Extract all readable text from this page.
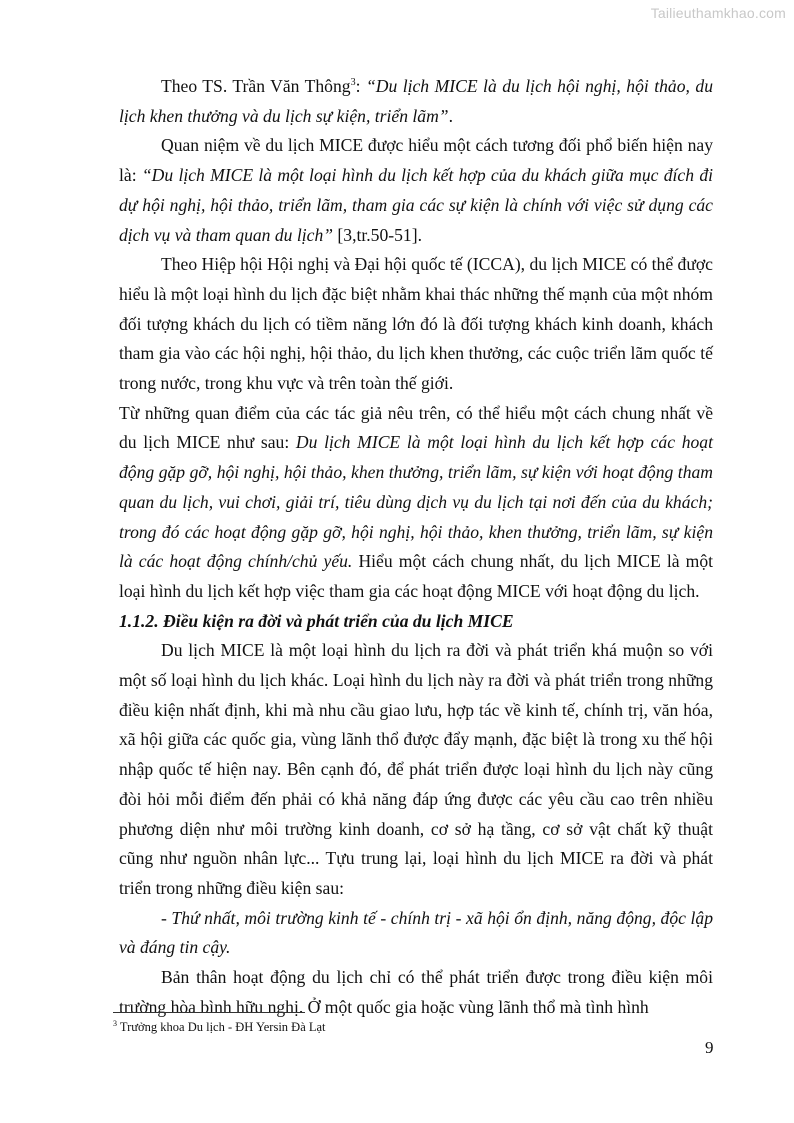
Tailieuthamkhao.com

Theo TS. Trần Văn Thông$^3$: “Du lịch MICE là du lịch hội nghị, hội thảo, du lịch khen thưởng và du lịch sự kiện, triển lãm”.

Quan niệm về du lịch MICE được hiểu một cách tương đối phổ biến hiện nay là: “Du lịch MICE là một loại hình du lịch kết hợp của du khách giữa mục đích đi dự hội nghị, hội thảo, triển lãm, tham gia các sự kiện là chính với việc sử dụng các dịch vụ và tham quan du lịch” [3,tr.50-51].

Theo Hiệp hội Hội nghị và Đại hội quốc tế (ICCA), du lịch MICE có thể được hiểu là một loại hình du lịch đặc biệt nhằm khai thác những thế mạnh của một nhóm đối tượng khách du lịch có tiềm năng lớn đó là đối tượng khách kinh doanh, khách tham gia vào các hội nghị, hội thảo, du lịch khen thưởng, các cuộc triển lãm quốc tế trong nước, trong khu vực và trên toàn thế giới.

Từ những quan điểm của các tác giả nêu trên, có thể hiểu một cách chung nhất về du lịch MICE như sau: Du lịch MICE là một loại hình du lịch kết hợp các hoạt động gặp gỡ, hội nghị, hội thảo, khen thưởng, triển lãm, sự kiện với hoạt động tham quan du lịch, vui chơi, giải trí, tiêu dùng dịch vụ du lịch tại nơi đến của du khách; trong đó các hoạt động gặp gỡ, hội nghị, hội thảo, khen thưởng, triển lãm, sự kiện là các hoạt động chính/chủ yếu. Hiểu một cách chung nhất, du lịch MICE là một loại hình du lịch kết hợp việc tham gia các hoạt động MICE với hoạt động du lịch.

1.1.2. Điều kiện ra đời và phát triển của du lịch MICE

Du lịch MICE là một loại hình du lịch ra đời và phát triển khá muộn so với một số loại hình du lịch khác. Loại hình du lịch này ra đời và phát triển trong những điều kiện nhất định, khi mà nhu cầu giao lưu, hợp tác về kinh tế, chính trị, văn hóa, xã hội giữa các quốc gia, vùng lãnh thổ được đẩy mạnh, đặc biệt là trong xu thế hội nhập quốc tế hiện nay. Bên cạnh đó, để phát triển được loại hình du lịch này cũng đòi hỏi mỗi điểm đến phải có khả năng đáp ứng được các yêu cầu cao trên nhiều phương diện như môi trường kinh doanh, cơ sở hạ tầng, cơ sở vật chất kỹ thuật cũng như nguồn nhân lực... Tựu trung lại, loại hình du lịch MICE ra đời và phát triển trong những điều kiện sau:

- Thứ nhất, môi trường kinh tế - chính trị - xã hội ổn định, năng động, độc lập và đáng tin cậy.

Bản thân hoạt động du lịch chỉ có thể phát triển được trong điều kiện môi trường hòa bình hữu nghị. Ở một quốc gia hoặc vùng lãnh thổ mà tình hình

$^3$ Trưởng khoa Du lịch - ĐH Yersin Đà Lạt
9
